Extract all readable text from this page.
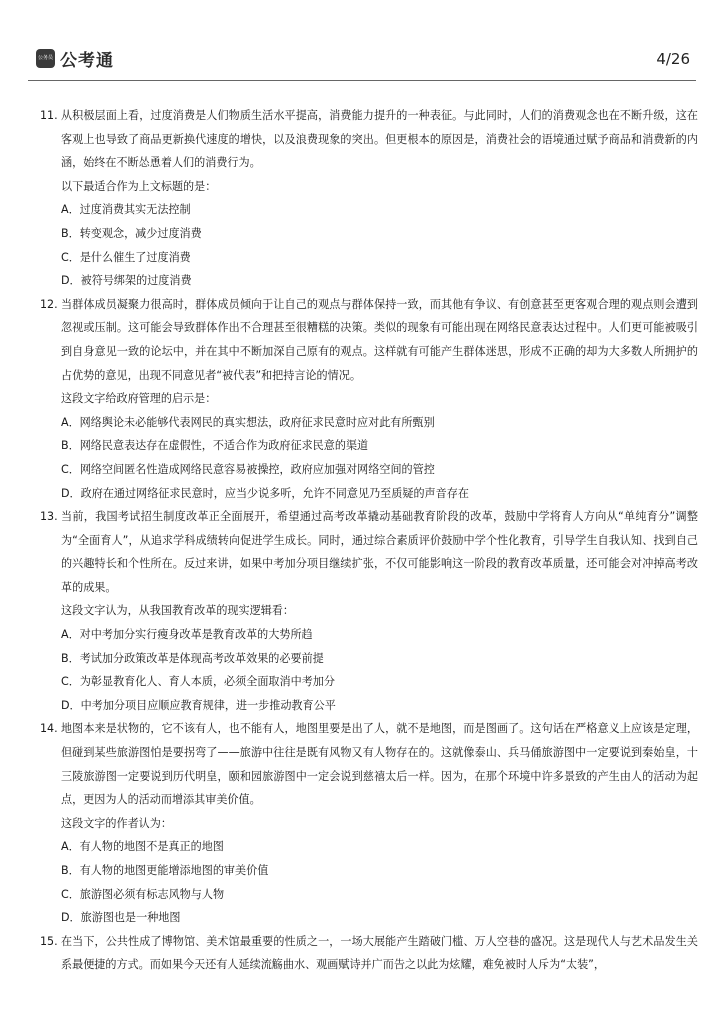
公务员 公考通	4/26
11. 从积极层面上看，过度消费是人们物质生活水平提高，消费能力提升的一种表征。与此同时，人们的消费观念也在不断升级，这在客观上也导致了商品更新换代速度的增快，以及浪费现象的突出。但更根本的原因是，消费社会的语境通过赋予商品和消费新的内涵，始终在不断怂恿着人们的消费行为。
以下最适合作为上文标题的是：
A．过度消费其实无法控制
B．转变观念，减少过度消费
C．是什么催生了过度消费
D．被符号绑架的过度消费
12. 当群体成员凝聚力很高时，群体成员倾向于让自己的观点与群体保持一致，而其他有争议、有创意甚至更客观合理的观点则会遭到忽视或压制。这可能会导致群体作出不合理甚至很糟糕的决策。类似的现象有可能出现在网络民意表达过程中。人们更可能被吸引到自身意见一致的论坛中，并在其中不断加深自己原有的观点。这样就有可能产生群体迷思，形成不正确的却为大多数人所拥护的占优势的意见，出现不同意见者“被代表”和把持言论的情况。
这段文字给政府管理的启示是：
A．网络舆论未必能够代表网民的真实想法，政府征求民意时应对此有所甄别
B．网络民意表达存在虚假性，不适合作为政府征求民意的渠道
C．网络空间匿名性造成网络民意容易被操控，政府应加强对网络空间的管控
D．政府在通过网络征求民意时，应当少说多听，允许不同意见乃至质疑的声音存在
13. 当前，我国考试招生制度改革正全面展开，希望通过高考改革撬动基础教育阶段的改革，鼓励中学将育人方向从“单纯育分”调整为“全面育人”，从追求学科成绩转向促进学生成长。同时，通过综合素质评价鼓励中学个性化教育，引导学生自我认知、找到自己的兴趣特长和个性所在。反过来讲，如果中考加分项目继续扩张，不仅可能影响这一阶段的教育改革质量，还可能会对冲掉高考改革的成果。
这段文字认为，从我国教育改革的现实逻辑看：
A．对中考加分实行瘦身改革是教育改革的大势所趋
B．考试加分政策改革是体现高考改革效果的必要前提
C．为彰显教育化人、育人本质，必须全面取消中考加分
D．中考加分项目应顺应教育规律，进一步推动教育公平
14. 地图本来是状物的，它不该有人，也不能有人，地图里要是出了人，就不是地图，而是图画了。这句话在严格意义上应该是定理，但碰到某些旅游图怕是要拐弯了——旅游中往往是既有风物又有人物存在的。这就像泰山、兵马俑旅游图中一定要说到秦始皇，十三陵旅游图一定要说到历代明皇，颐和园旅游图中一定会说到慈禧太后一样。因为，在那个环境中许多景致的产生由人的活动为起点，更因为人的活动而增添其审美价值。
这段文字的作者认为：
A．有人物的地图不是真正的地图
B．有人物的地图更能增添地图的审美价值
C．旅游图必须有标志风物与人物
D．旅游图也是一种地图
15. 在当下，公共性成了博物馆、美术馆最重要的性质之一，一场大展能产生踏破门槛、万人空巷的盛况。这是现代人与艺术品发生关系最便捷的方式。而如果今天还有人延续流觞曲水、观画赋诗并广而告之以此为炫耀，难免被时人斥为“太装”，
